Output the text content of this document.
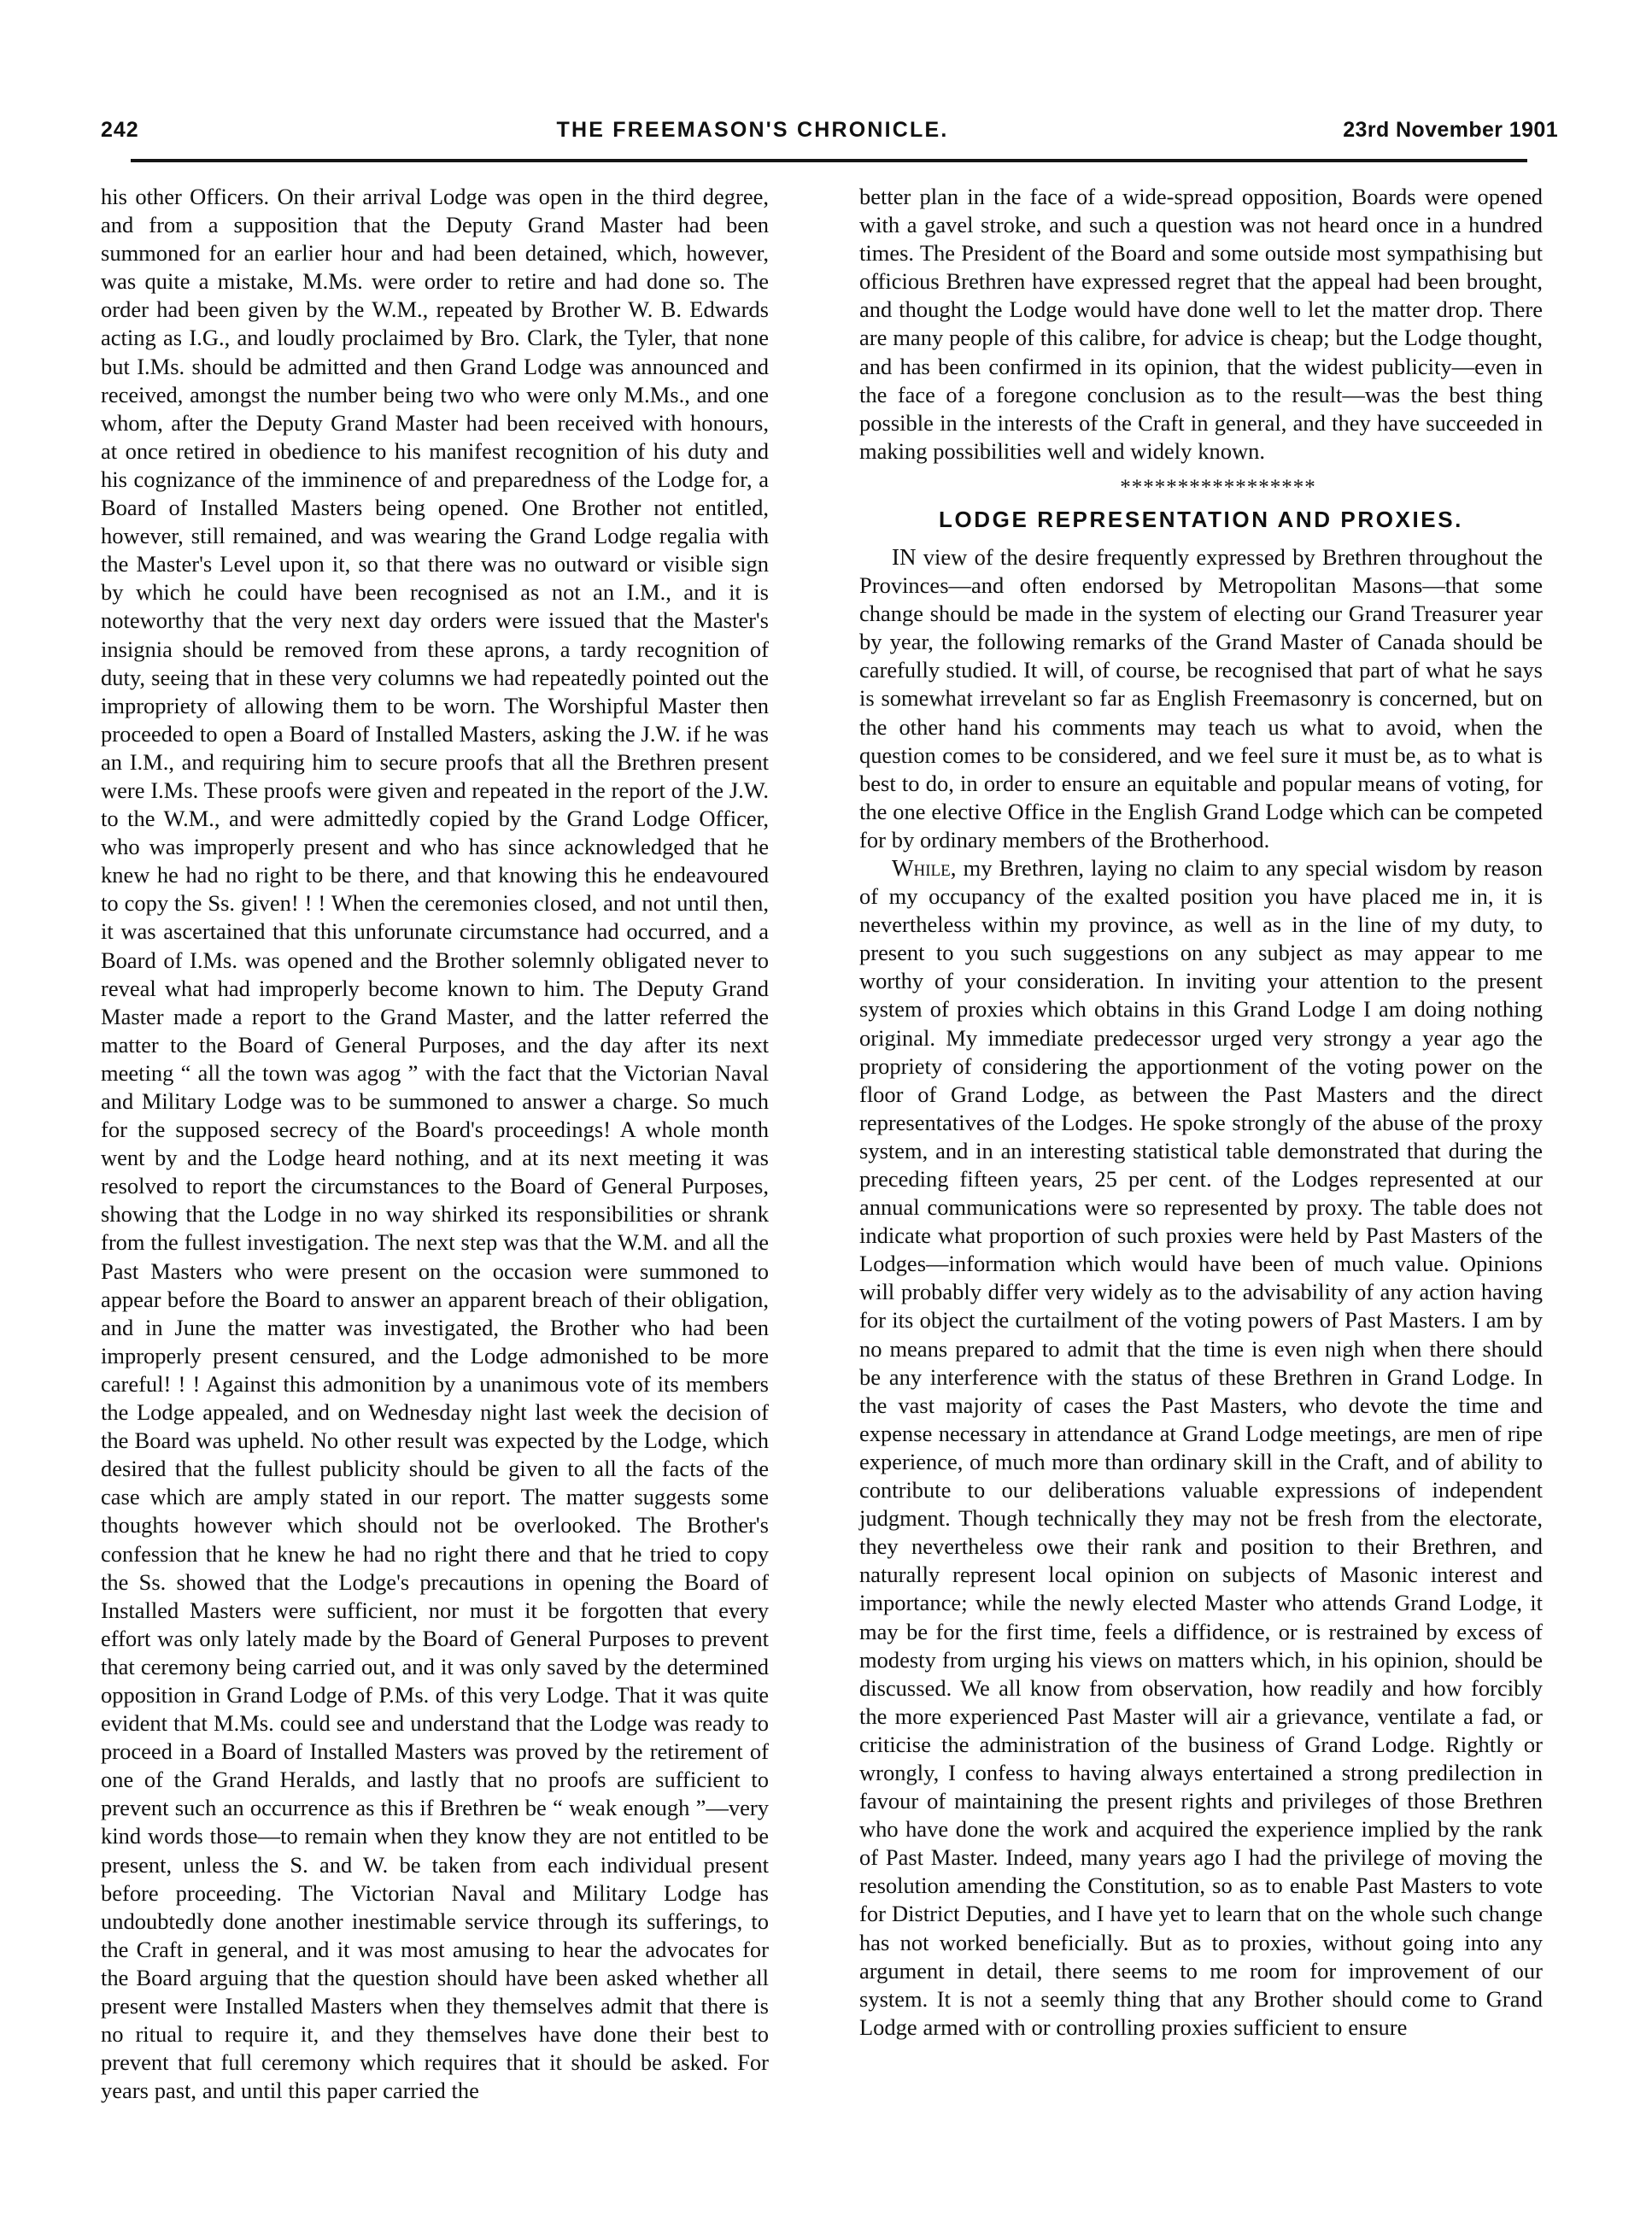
242	THE FREEMASON'S CHRONICLE.	23rd November 1901

his other Officers. On their arrival Lodge was open in the third degree, and from a supposition that the Deputy Grand Master had been summoned for an earlier hour and had been detained, which, however, was quite a mistake, M.Ms. were order to retire and had done so. The order had been given by the W.M., repeated by Brother W. B. Edwards acting as I.G., and loudly proclaimed by Bro. Clark, the Tyler, that none but I.Ms. should be admitted and then Grand Lodge was announced and received, amongst the number being two who were only M.Ms., and one whom, after the Deputy Grand Master had been received with honours, at once retired in obedience to his manifest recognition of his duty and his cognizance of the imminence of and preparedness of the Lodge for, a Board of Installed Masters being opened. One Brother not entitled, however, still remained, and was wearing the Grand Lodge regalia with the Master's Level upon it, so that there was no outward or visible sign by which he could have been recognised as not an I.M., and it is noteworthy that the very next day orders were issued that the Master's insignia should be removed from these aprons, a tardy recognition of duty, seeing that in these very columns we had repeatedly pointed out the impropriety of allowing them to be worn. The Worshipful Master then proceeded to open a Board of Installed Masters, asking the J.W. if he was an I.M., and requiring him to secure proofs that all the Brethren present were I.Ms. These proofs were given and repeated in the report of the J.W. to the W.M., and were admittedly copied by the Grand Lodge Officer, who was improperly present and who has since acknowledged that he knew he had no right to be there, and that knowing this he endeavoured to copy the Ss. given! ! ! When the ceremonies closed, and not until then, it was ascertained that this unforunate circumstance had occurred, and a Board of I.Ms. was opened and the Brother solemnly obligated never to reveal what had improperly become known to him. The Deputy Grand Master made a report to the Grand Master, and the latter referred the matter to the Board of General Purposes, and the day after its next meeting “ all the town was agog ” with the fact that the Victorian Naval and Military Lodge was to be summoned to answer a charge. So much for the supposed secrecy of the Board's proceedings! A whole month went by and the Lodge heard nothing, and at its next meeting it was resolved to report the circumstances to the Board of General Purposes, showing that the Lodge in no way shirked its responsibilities or shrank from the fullest investigation. The next step was that the W.M. and all the Past Masters who were present on the occasion were summoned to appear before the Board to answer an apparent breach of their obligation, and in June the matter was investigated, the Brother who had been improperly present censured, and the Lodge admonished to be more careful! ! ! Against this admonition by a unanimous vote of its members the Lodge appealed, and on Wednesday night last week the decision of the Board was upheld. No other result was expected by the Lodge, which desired that the fullest publicity should be given to all the facts of the case which are amply stated in our report. The matter suggests some thoughts however which should not be overlooked. The Brother's confession that he knew he had no right there and that he tried to copy the Ss. showed that the Lodge's precautions in opening the Board of Installed Masters were sufficient, nor must it be forgotten that every effort was only lately made by the Board of General Purposes to prevent that ceremony being carried out, and it was only saved by the determined opposition in Grand Lodge of P.Ms. of this very Lodge. That it was quite evident that M.Ms. could see and understand that the Lodge was ready to proceed in a Board of Installed Masters was proved by the retirement of one of the Grand Heralds, and lastly that no proofs are sufficient to prevent such an occurrence as this if Brethren be “ weak enough ”—very kind words those—to remain when they know they are not entitled to be present, unless the S. and W. be taken from each individual present before proceeding. The Victorian Naval and Military Lodge has undoubtedly done another inestimable service through its sufferings, to the Craft in general, and it was most amusing to hear the advocates for the Board arguing that the question should have been asked whether all present were Installed Masters when they themselves admit that there is no ritual to require it, and they themselves have done their best to prevent that full ceremony which requires that it should be asked. For years past, and until this paper carried the

better plan in the face of a wide-spread opposition, Boards were opened with a gavel stroke, and such a question was not heard once in a hundred times. The President of the Board and some outside most sympathising but officious Brethren have expressed regret that the appeal had been brought, and thought the Lodge would have done well to let the matter drop. There are many people of this calibre, for advice is cheap; but the Lodge thought, and has been confirmed in its opinion, that the widest publicity—even in the face of a foregone conclusion as to the result—was the best thing possible in the interests of the Craft in general, and they have succeeded in making possibilities well and widely known.

*****************
LODGE REPRESENTATION AND PROXIES.

IN view of the desire frequently expressed by Brethren throughout the Provinces—and often endorsed by Metropolitan Masons—that some change should be made in the system of electing our Grand Treasurer year by year, the following remarks of the Grand Master of Canada should be carefully studied. It will, of course, be recognised that part of what he says is somewhat irrevelant so far as English Freemasonry is concerned, but on the other hand his comments may teach us what to avoid, when the question comes to be considered, and we feel sure it must be, as to what is best to do, in order to ensure an equitable and popular means of voting, for the one elective Office in the English Grand Lodge which can be competed for by ordinary members of the Brotherhood.

While, my Brethren, laying no claim to any special wisdom by reason of my occupancy of the exalted position you have placed me in, it is nevertheless within my province, as well as in the line of my duty, to present to you such suggestions on any subject as may appear to me worthy of your consideration. In inviting your attention to the present system of proxies which obtains in this Grand Lodge I am doing nothing original. My immediate predecessor urged very strongy a year ago the propriety of considering the apportionment of the voting power on the floor of Grand Lodge, as between the Past Masters and the direct representatives of the Lodges. He spoke strongly of the abuse of the proxy system, and in an interesting statistical table demonstrated that during the preceding fifteen years, 25 per cent. of the Lodges represented at our annual communications were so represented by proxy. The table does not indicate what proportion of such proxies were held by Past Masters of the Lodges—information which would have been of much value. Opinions will probably differ very widely as to the advisability of any action having for its object the curtailment of the voting powers of Past Masters. I am by no means prepared to admit that the time is even nigh when there should be any interference with the status of these Brethren in Grand Lodge. In the vast majority of cases the Past Masters, who devote the time and expense necessary in attendance at Grand Lodge meetings, are men of ripe experience, of much more than ordinary skill in the Craft, and of ability to contribute to our deliberations valuable expressions of independent judgment. Though technically they may not be fresh from the electorate, they nevertheless owe their rank and position to their Brethren, and naturally represent local opinion on subjects of Masonic interest and importance; while the newly elected Master who attends Grand Lodge, it may be for the first time, feels a diffidence, or is restrained by excess of modesty from urging his views on matters which, in his opinion, should be discussed. We all know from observation, how readily and how forcibly the more experienced Past Master will air a grievance, ventilate a fad, or criticise the administration of the business of Grand Lodge. Rightly or wrongly, I confess to having always entertained a strong predilection in favour of maintaining the present rights and privileges of those Brethren who have done the work and acquired the experience implied by the rank of Past Master. Indeed, many years ago I had the privilege of moving the resolution amending the Constitution, so as to enable Past Masters to vote for District Deputies, and I have yet to learn that on the whole such change has not worked beneficially. But as to proxies, without going into any argument in detail, there seems to me room for improvement of our system. It is not a seemly thing that any Brother should come to Grand Lodge armed with or controlling proxies sufficient to ensure
